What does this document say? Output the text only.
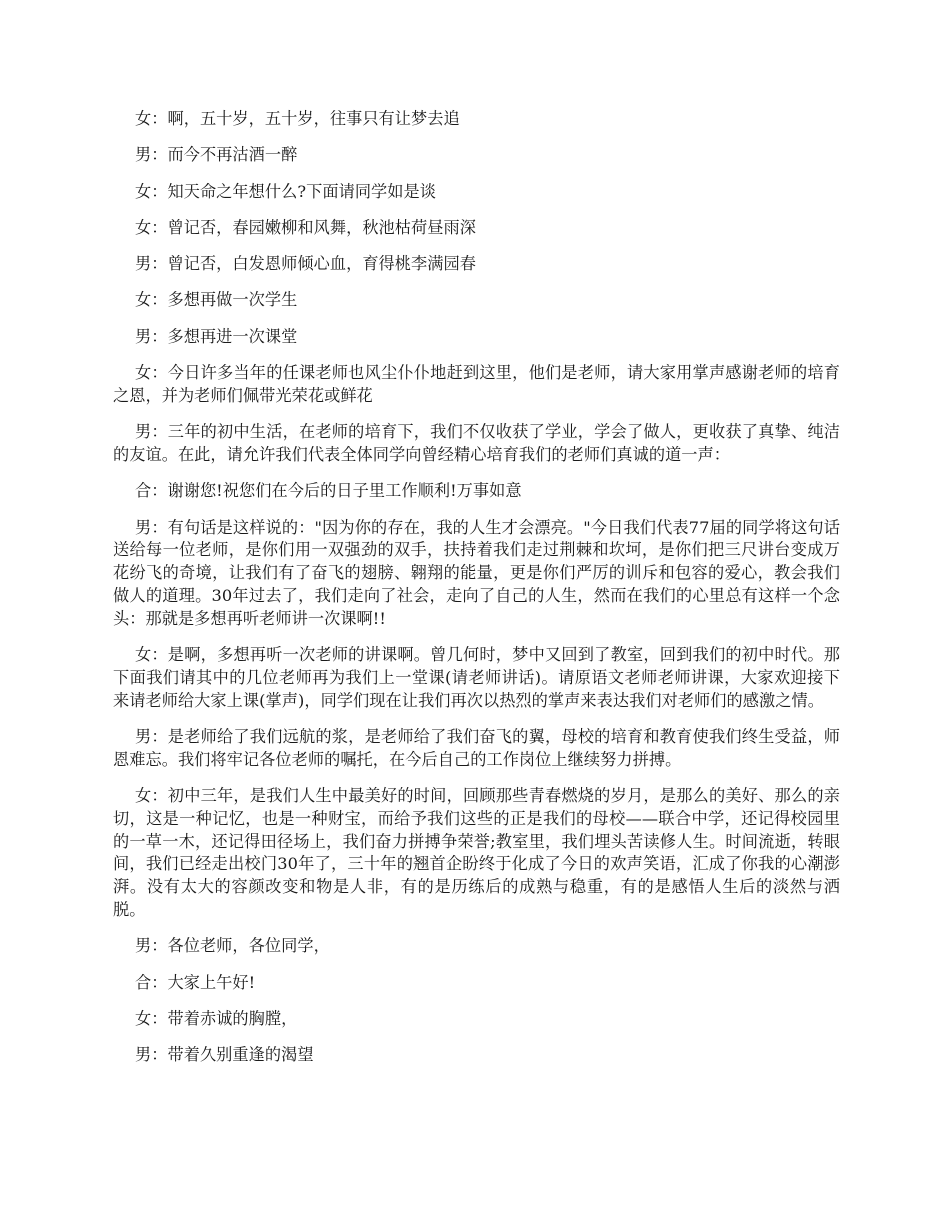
女：啊，五十岁，五十岁，往事只有让梦去追

男：而今不再沽酒一醉

女：知天命之年想什么?下面请同学如是谈

女：曾记否，春园嫩柳和风舞，秋池枯荷昼雨深

男：曾记否，白发恩师倾心血，育得桃李满园春

女：多想再做一次学生

男：多想再进一次课堂

女：今日许多当年的任课老师也风尘仆仆地赶到这里，他们是老师，请大家用掌声感谢老师的培育之恩，并为老师们佩带光荣花或鲜花

男：三年的初中生活，在老师的培育下，我们不仅收获了学业，学会了做人，更收获了真挚、纯洁的友谊。在此，请允许我们代表全体同学向曾经精心培育我们的老师们真诚的道一声：

合：谢谢您!祝您们在今后的日子里工作顺利!万事如意

男：有句话是这样说的："因为你的存在，我的人生才会漂亮。"今日我们代表77届的同学将这句话送给每一位老师，是你们用一双强劲的双手，扶持着我们走过荆棘和坎坷，是你们把三尺讲台变成万花纷飞的奇境，让我们有了奋飞的翅膀、翱翔的能量，更是你们严厉的训斥和包容的爱心，教会我们做人的道理。30年过去了，我们走向了社会，走向了自己的人生，然而在我们的心里总有这样一个念头：那就是多想再听老师讲一次课啊!!

女：是啊，多想再听一次老师的讲课啊。曾几何时，梦中又回到了教室，回到我们的初中时代。那下面我们请其中的几位老师再为我们上一堂课(请老师讲话)。请原语文老师老师讲课，大家欢迎接下来请老师给大家上课(掌声)，同学们现在让我们再次以热烈的掌声来表达我们对老师们的感激之情。

男：是老师给了我们远航的浆，是老师给了我们奋飞的翼，母校的培育和教育使我们终生受益，师恩难忘。我们将牢记各位老师的嘱托，在今后自己的工作岗位上继续努力拼搏。

女：初中三年，是我们人生中最美好的时间，回顾那些青春燃烧的岁月，是那么的美好、那么的亲切，这是一种记忆，也是一种财宝，而给予我们这些的正是我们的母校——联合中学，还记得校园里的一草一木，还记得田径场上，我们奋力拼搏争荣誉;教室里，我们埋头苦读修人生。时间流逝，转眼间，我们已经走出校门30年了，三十年的翘首企盼终于化成了今日的欢声笑语，汇成了你我的心潮澎湃。没有太大的容颜改变和物是人非，有的是历练后的成熟与稳重，有的是感悟人生后的淡然与洒脱。

男：各位老师，各位同学，

合：大家上午好!

女：带着赤诚的胸膛，

男：带着久别重逢的渴望
